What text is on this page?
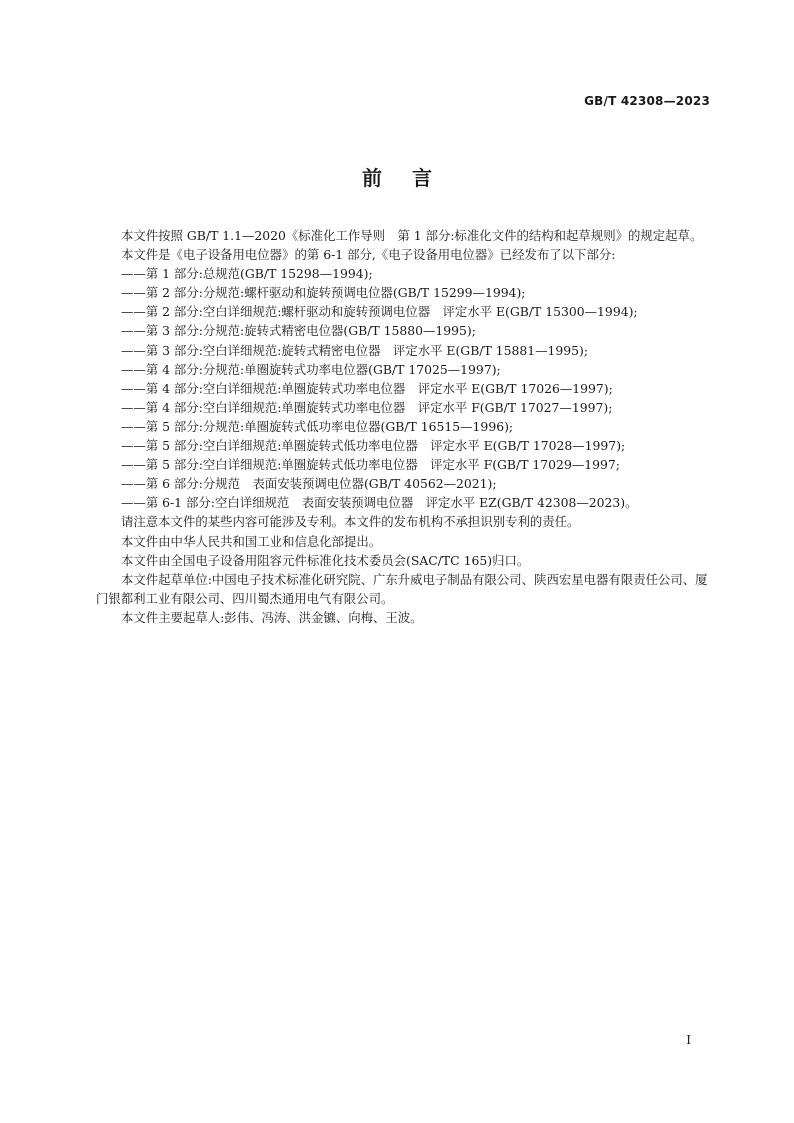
GB/T 42308—2023
前言

本文件按照 GB/T 1.1—2020《标准化工作导则　第 1 部分:标准化文件的结构和起草规则》的规定起草。

本文件是《电子设备用电位器》的第 6-1 部分,《电子设备用电位器》已经发布了以下部分:

——第 1 部分:总规范(GB/T 15298—1994);

——第 2 部分:分规范:螺杆驱动和旋转预调电位器(GB/T 15299—1994);

——第 2 部分:空白详细规范:螺杆驱动和旋转预调电位器　评定水平 E(GB/T 15300—1994);

——第 3 部分:分规范:旋转式精密电位器(GB/T 15880—1995);

——第 3 部分:空白详细规范:旋转式精密电位器　评定水平 E(GB/T 15881—1995);

——第 4 部分:分规范:单圈旋转式功率电位器(GB/T 17025—1997);

——第 4 部分:空白详细规范:单圈旋转式功率电位器　评定水平 E(GB/T 17026—1997);

——第 4 部分:空白详细规范:单圈旋转式功率电位器　评定水平 F(GB/T 17027—1997);

——第 5 部分:分规范:单圈旋转式低功率电位器(GB/T 16515—1996);

——第 5 部分:空白详细规范:单圈旋转式低功率电位器　评定水平 E(GB/T 17028—1997);

——第 5 部分:空白详细规范:单圈旋转式低功率电位器　评定水平 F(GB/T 17029—1997;

——第 6 部分:分规范　表面安装预调电位器(GB/T 40562—2021);

——第 6-1 部分:空白详细规范　表面安装预调电位器　评定水平 EZ(GB/T 42308—2023)。

请注意本文件的某些内容可能涉及专利。本文件的发布机构不承担识别专利的责任。

本文件由中华人民共和国工业和信息化部提出。

本文件由全国电子设备用阻容元件标准化技术委员会(SAC/TC 165)归口。

本文件起草单位:中国电子技术标准化研究院、广东升威电子制品有限公司、陕西宏星电器有限责任公司、厦门银都利工业有限公司、四川蜀杰通用电气有限公司。

本文件主要起草人:彭伟、冯涛、洪金镳、向梅、王波。

I
